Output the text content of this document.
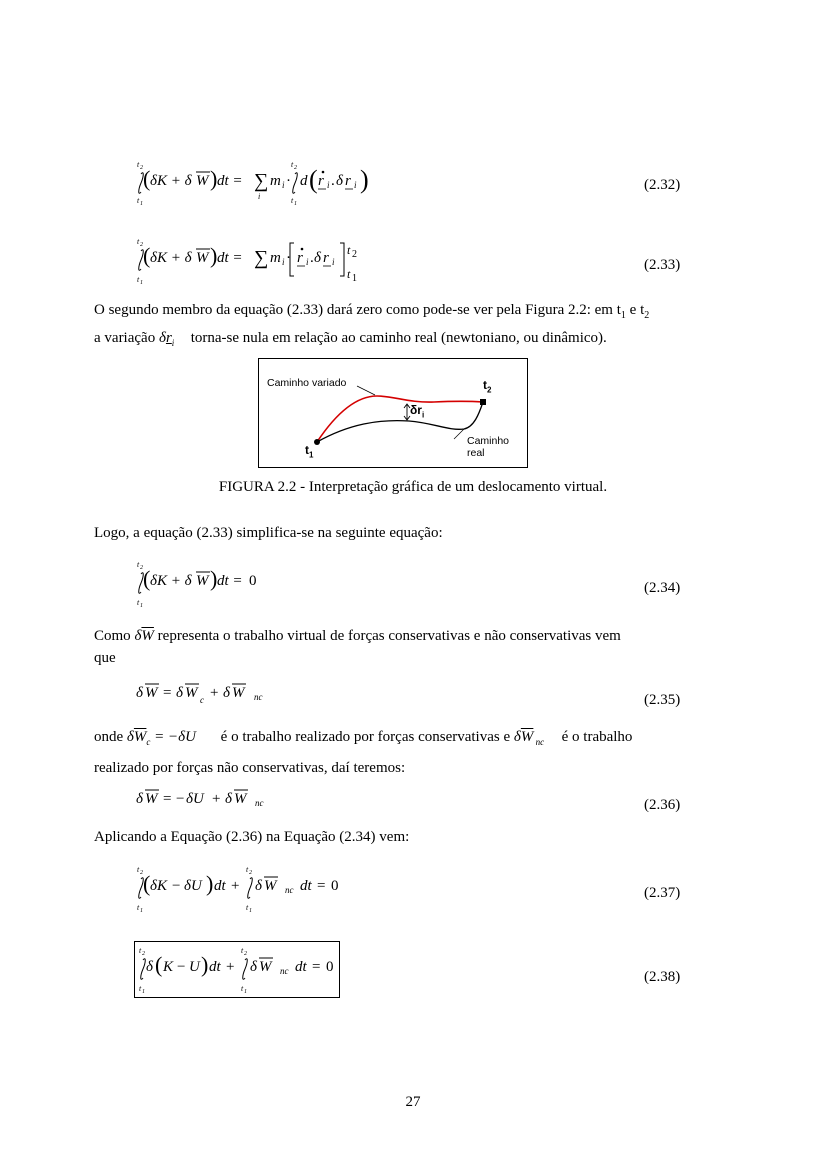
t 2
t 1
( δK + δ W ) dt = ∑
i
m i ·
t 2
t 1
d ( r i . δ r i )	(2.32)
t 2
t 1
( δK + δ W ) dt = ∑ m i · r i . δ r i
t 2
t 1
(2.33)
O segundo membro da equação (2.33) dará zero como pode-se ver pela Figura 2.2: em $t_1$ e $t_2$
a variação $\delta r_i$ torna-se nula em relação ao caminho real (newtoniano, ou dinâmico).
Caminho variado
Caminho real
$t_1$
$t_2$
$\delta r_i$
FIGURA 2.2 - Interpretação gráfica de um deslocamento virtual.
Logo, a equação (2.33) simplifica-se na seguinte equação:
t 2
t 1
( δK + δ W ) dt = 0	(2.34)
Como $\delta\overline{W}$ representa o trabalho virtual de forças conservativas e não conservativas vem
que
δ W = δ W c + δ W nc	(2.35)
onde $\delta\overline{W}_c = -\delta U$ é o trabalho realizado por forças conservativas e $\delta\overline{W}$ $_{nc}$ é o trabalho
realizado por forças não conservativas, daí teremos:
δ W = − δU + δ W nc	(2.36)
Aplicando a Equação (2.36) na Equação (2.34) vem:
t 2
t 1
( δK − δU ) dt +
t 2
t 1
δ W nc dt = 0	(2.37)
t 2
t 1
δ ( K − U ) dt +
t 2
t 1
δ W nc dt = 0
(2.38)
27
